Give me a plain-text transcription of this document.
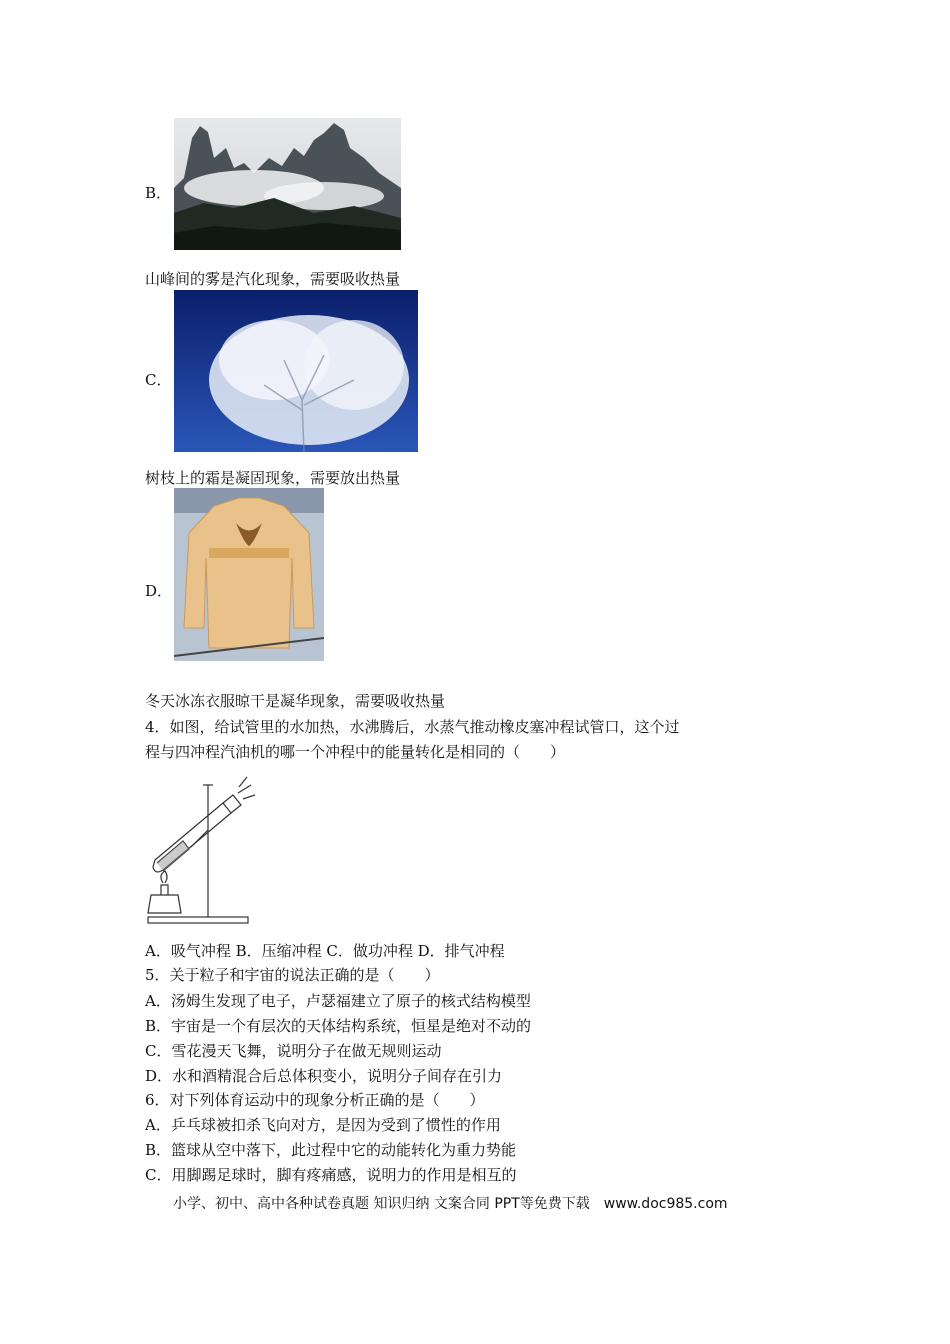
B．
山峰间的雾是汽化现象，需要吸收热量
C．
树枝上的霜是凝固现象，需要放出热量
D．
冬天冰冻衣服晾干是凝华现象，需要吸收热量
4．如图，给试管里的水加热，水沸腾后，水蒸气推动橡皮塞冲程试管口，这个过
程与四冲程汽油机的哪一个冲程中的能量转化是相同的（　　）
A．吸气冲程 B．压缩冲程 C．做功冲程 D．排气冲程
5．关于粒子和宇宙的说法正确的是（　　）
A．汤姆生发现了电子，卢瑟福建立了原子的核式结构模型
B．宇宙是一个有层次的天体结构系统，恒星是绝对不动的
C．雪花漫天飞舞，说明分子在做无规则运动
D．水和酒精混合后总体积变小，说明分子间存在引力
6．对下列体育运动中的现象分析正确的是（　　）
A．乒乓球被扣杀飞向对方，是因为受到了惯性的作用
B．篮球从空中落下，此过程中它的动能转化为重力势能
C．用脚踢足球时，脚有疼痛感，说明力的作用是相互的
小学、初中、高中各种试卷真题 知识归纳 文案合同 PPT等免费下载　www.doc985.com
